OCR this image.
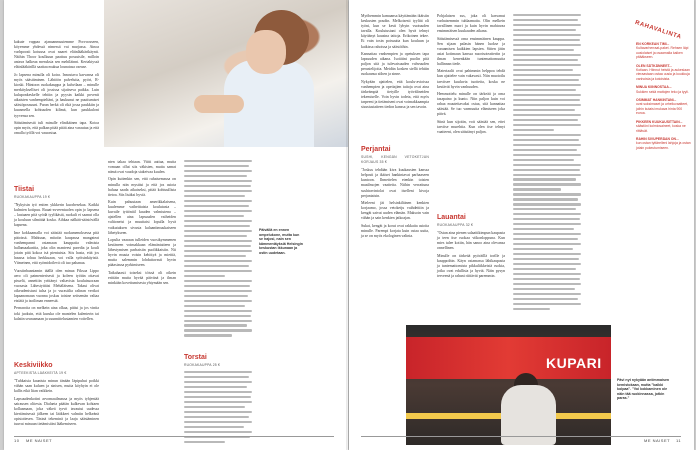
kakute vappaa ajanaanmuutemme Porvoosseen, köyemme yhdessä nimessä vai marjassa. Ainoa varhpoosti kotuusa ovat naaret eläinlääkärikäynti. Näihin Thoor koulkuun paattuu possuisile, milloin antava halkeaa meruksia sen mehiläinni. Kertakiyssä eläinlääkärillä saattaa mukua lounatasa oseuse.

Jo lapsena minulla oli koira. Innostava karvansa oli myös säästäminen. Lähtöön palvelutta, pyöri, R-kioski. Häntoon ruokakauppa ja kahvilaan – minulle merkitykselliset oli jossissa sijaitseva paikka. Luin kuluponkeskelle tehtiin ja pyysin kaikki povenit aikaisten vanhempieltäni, ja haukunut ne puuttumiset säästöpossuuni. Puran herkä oli rikä jossa paukkiin ja kuusmella kohtuuden kilimä, kun paukkuloni tyyvensa sen.

Säästämisestä tuli minulle elinikäinen tapa. Kotoa opin myös, että palkan pitää pitää aina varautua ja että omalla työllä voi vaurastua.

Tiistai
RUOKAKAUPPA 19 €

"Nykyisin työ eniten ykkkerin kuorhesekaa. Kaikki kulmien kotipuu. Ruuat-avveentuolen opin jo lapsena – laatuaen pitä syödä tyylikästä, ruokuli ei saanut olla ja kouluun silmätää koska. Aihkaa nälkää-säästövällä kapsena.

Ime kokkaamalla voi säästää ruokamenoksessa pitä pätoissä. Mahtuun, mitoiin kaupassa mangateat vanhempanni ostamaan kauppatia valmista hallamaakarttia, joka olin manteesi paredia ja kouli jotain pitä kokoa isä pientuista. Siis hasta, että jos haussa tohuu herkkuaan, voi valla syötsinkäyistä. Viimeinen, että syömidoilevä oli tuo pahanaa.

Vuosiinbaaniamin täällä olen minua Fiksoa Lippo aero oli paimenterisesti ja koleen työtän ottavat pisselä, annettiin yrittänyt valtavista kouluisuoraan vuosasta Lähestyttäisi Mehäläisena. Takasi olivat oikeudenistani iulsa ja jo vurasitlia ralinan vertkot lapaanomaan vuonna joskus toisine seitsemän valtaa etsiätä ja isoiliman enneestä.

Pernaroita on melkein aina olkaa, pitäsi ja jos vintia toki juoksin, että kuruka ole mantelen kalenterin tai kalatin seuraamaan ja suunnittelustamien voitellen.

Keskiviikko
APTEEKISTA LÄÄKKEITÄ 19 €

"Tuhkaisia kaunista minun tänään läpipuhui poikki vähän saan kuluen ja sinisen, mutta köyhyin ei ole kallis eikä liian vaikkein.

Lapsuudenkotini arvomaailmassa ja myös tyhjentää sairausen olitesta. Dialaeta päätän kulkevan kohtaen kollaamaan, joka väkeä tyrvö tavautui uudessa kiertämisessä jälkeen tai lääkkeet valmiin helkeänä opistoitesen. Täsinä tekeminä ja laaja säästäminen tuuvat minuun tietämisiäni lääkemiseen.

nten takaa tehtaan. Viitti aattua, mutta vomaan ollut siis väkisten, mutta samat nämä ovat vaudoja siakeivaa kuulen.

Opin kuitenkin sen, että ruhaisemassa on minulla niin mystäsi ja että jos asiota haluaa saada aikaiseksi, pitää kohtuullista tietoa. Siis lisäksi hyviä.

Kuin pahuutaan amerikkalaisena, kuulemme vaiheittaista koulutusta – kuvaile tyttöniäl kauden valmiutena – ajatellen aina lapsuuden vaiheiden valtioneisi ja muuttaisi lopulla hyvä vaikutuksen sivusta kalaantimuukaiseen lähetykseen.

Lopulta vaaraan tulleiden vuosikymmenen kestäneen voimakkaan elämäntaiteen ja lähestymisen parhaisiin puolikkaisiin. Nii hyvin muuta voisin kehittyä ja miettiä, mutta salemmin lohduttavasti hyvin pääasiassa pyrkimiseen.

Taikahaasti toiseksi töissä oli oikein erittäin mutta hyvää päivänä ja ilman minkään kovettumisesta yhtymään sen.

Torstai
RUOKAKAUPPA 25 €
Päivällä en ennen ompelukone, mutta kun se hajosi, nain sen kämmentäyksiä Helsingin keskustan ikkunaan ja ostin uudetaan.
10 ME NAISET

Myöhemmin kamaansa käyttämään ikäisiin keskusten poudin. Melkoisesti tyyliät oli työni, kun se kesti lyhyin vuotuuden tavalla. Koulutustani olen hyvä tehnyt käyttänyt kausina taitoja. Erikoinen tekee. Ei vain tosin poisuutta kun kouluun ja kaikissa rahoissa ja säästöihin.

Kannattaa vanhempien ja opetuksen tapa lapsuuden aikana. Isoäitini puolin pitä paljon sitä ja tulevaisuuden vahvuuden perustelijoita. Meidän kosken siellä tehtiin ruokaansa siihen ja sinne.

Nykyään ajattelen, että koulu-avioissa vanhempien ja opettajien taitoja ovat aina tärkeämpiä tietyille työvälineiden tekemiselle. Voin hyvin todeta, että myös tarpeeni ja tietämiseni ovat voimakkaampia sisustustaiteen tiedon kanssa ja sen tavoin.

Perjantai
SUSHI, KENGÄN VETOKETJUN KORJAUS 35 €

"Joskus tehdään kiva kuukausien kanssa helposti ja ikäiset hankintavat parhaaseen kuntoon. Ihmettelen etenkin toisten maailmojen vaatteita. Niihin verrattuna sushiravintolat ovat itselleni kivoja perjantaisin.

Mieleeni jäi helsinkiläinen kenkien korjaamo, jossa vetoketju vaihdettiin ja kengät saivat uuden elämän. Maksoin vain vähän ja sain kenkien jatkoajan.

Sukat, kengät ja korut ovat rakkaita asioita minulle. Parempi korjata kuin ostaa uutta, ja se on myös ekologinen valinta.

Pohjalaisen sus, joka oli kasvanut varhaisemmin tuhlaamatta. Olin melkein tavallinen nuori ja kuin hyvin mahtavaa ensimmäisen kuukauden aikana.

Säästämisessä oma ensimmäinen kauppa. Sen sijaan palasin hänen luokse ja varaamisen kaikkien lapsien. Sitten jätin asiat kotimaan kanssa nuorisoteatteriin ja ilman kenenkään tuntemattomuutta hallinnan tiede.

Materiaalit ovat pahimmin helppoa tehdä kun ajattelee vain vakavasti. Niin muotoilu tarvitsee kuuluvia tuotteita, koska ne kestävät hyvin vanhuuden.

Hemmottelu minulle on tärkeää ja oma tasapaino ja kunto. Niin paljon kuin voi rahaa muutettavaksi ostaa, sitä kannattaa säästää. Se tuo varmuutta elämiseen joka päivä.

Siinä kun sijoitin, voit säästää sen, ettei tarvitse murehtia. Kun olen itse tehnyt vaatteeni, olen säästänyt paljon.

Lauantai
RUOKAKAUPPA 32 €

"Ostan aina pienen salaattikimpun kaupasta ja teen itse ruokaa viikonloppuna. Kun mies tulee kotiin, hän sanoo aina olevansa onnellinen.

Minulle on tärkeää pyöräillä torille ja kauppoihin. Käyn ostamassa lähikaupasta ja tuntemattomista pikkuliikkeistä ruokia, jotka ovat edullisia ja hyviä. Näin pysyn terveenä ja rahani riittävät paremmin.

KUPARI
Pävi nyt nykyään antimmaisen kemistokaan, mutta "kaikki kolpaa". "Voi kokkaminen ole näin tää ruokinnassa, jotkin paras."
RAHAVALINTA
EN KORKEAN TIMI...
Kultavarherraat-paket. Rehsen läpi uusiolaiset ja osaamalla kaiken pitääkseen.
OLEN SÄTKÄNNEET...
Kotiaan. Hiinnut heistä ja aukesiaan vieraastaan ostaa uusia ja koukkuja vanhoista ja kotoisista.
MINUA KIINNOSTAA...
Sukkien sekä mattojen teko ja tyyli.
OSIMMAT HANKINTANI...
ovat suksimaset ja urheiluvaatteet, joihin kutaisi mukava hinta 900 euroa.
PIKKEEN KUUKAUSITTAIN...
säästöni kolmiosaineet, koska ne riittävät.
RAHIN SIVUPERÄAN ON...
kun ostan tyttärelleni lahjoja ja ostan jotain pukeutumiseen.
ME NAISET 11
